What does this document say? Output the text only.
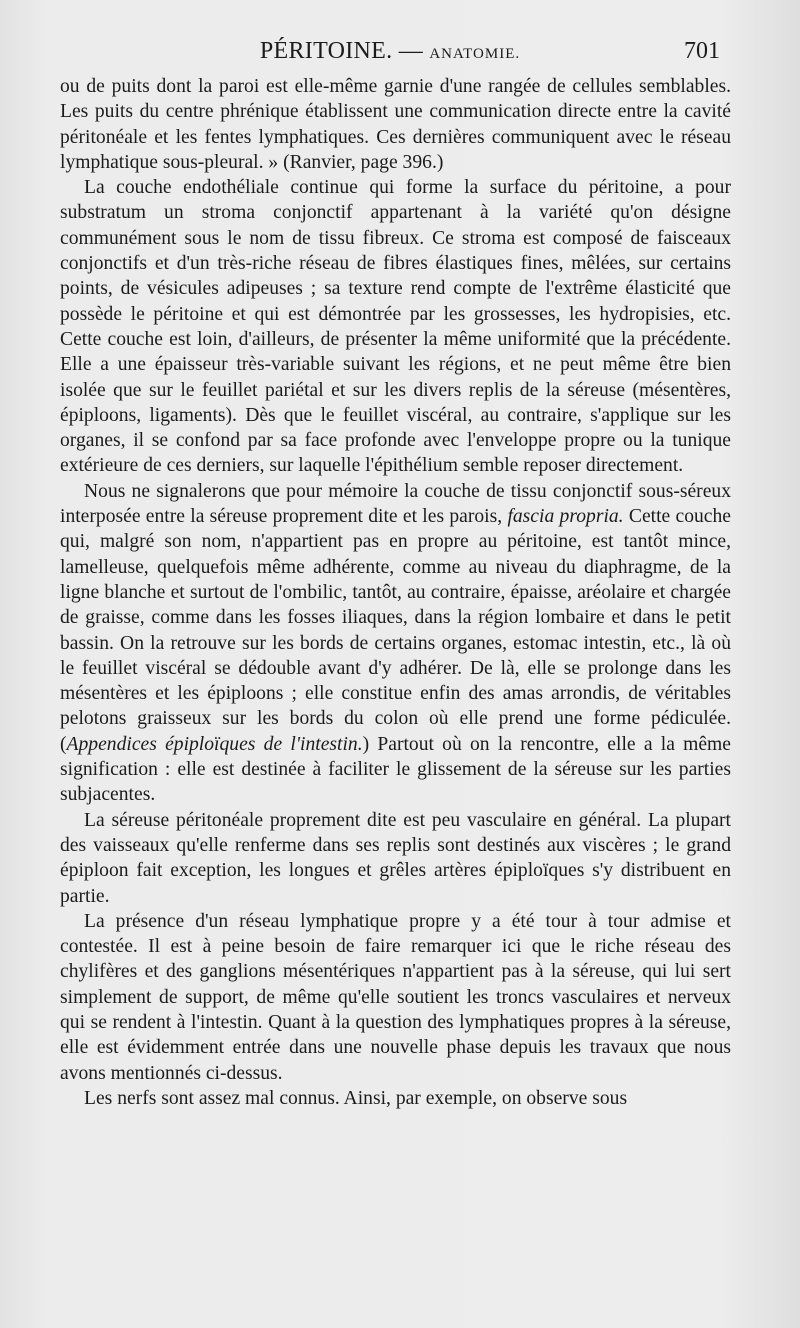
PÉRITOINE. — ANATOMIE.	701

ou de puits dont la paroi est elle-même garnie d'une rangée de cellules semblables. Les puits du centre phrénique établissent une communication directe entre la cavité péritonéale et les fentes lymphatiques. Ces dernières communiquent avec le réseau lymphatique sous-pleural. » (Ranvier, page 396.)

La couche endothéliale continue qui forme la surface du péritoine, a pour substratum un stroma conjonctif appartenant à la variété qu'on désigne communément sous le nom de tissu fibreux. Ce stroma est composé de faisceaux conjonctifs et d'un très-riche réseau de fibres élastiques fines, mêlées, sur certains points, de vésicules adipeuses ; sa texture rend compte de l'extrême élasticité que possède le péritoine et qui est démontrée par les grossesses, les hydropisies, etc. Cette couche est loin, d'ailleurs, de présenter la même uniformité que la précédente. Elle a une épaisseur très-variable suivant les régions, et ne peut même être bien isolée que sur le feuillet pariétal et sur les divers replis de la séreuse (mésentères, épiploons, ligaments). Dès que le feuillet viscéral, au contraire, s'applique sur les organes, il se confond par sa face profonde avec l'enveloppe propre ou la tunique extérieure de ces derniers, sur laquelle l'épithélium semble reposer directement.

Nous ne signalerons que pour mémoire la couche de tissu conjonctif sous-séreux interposée entre la séreuse proprement dite et les parois, fascia propria. Cette couche qui, malgré son nom, n'appartient pas en propre au péritoine, est tantôt mince, lamelleuse, quelquefois même adhérente, comme au niveau du diaphragme, de la ligne blanche et surtout de l'ombilic, tantôt, au contraire, épaisse, aréolaire et chargée de graisse, comme dans les fosses iliaques, dans la région lombaire et dans le petit bassin. On la retrouve sur les bords de certains organes, estomac intestin, etc., là où le feuillet viscéral se dédouble avant d'y adhérer. De là, elle se prolonge dans les mésentères et les épiploons ; elle constitue enfin des amas arrondis, de véritables pelotons graisseux sur les bords du colon où elle prend une forme pédiculée. (Appendices épiploïques de l'intestin.) Partout où on la rencontre, elle a la même signification : elle est destinée à faciliter le glissement de la séreuse sur les parties subjacentes.

La séreuse péritonéale proprement dite est peu vasculaire en général. La plupart des vaisseaux qu'elle renferme dans ses replis sont destinés aux viscères ; le grand épiploon fait exception, les longues et grêles artères épiploïques s'y distribuent en partie.

La présence d'un réseau lymphatique propre y a été tour à tour admise et contestée. Il est à peine besoin de faire remarquer ici que le riche réseau des chylifères et des ganglions mésentériques n'appartient pas à la séreuse, qui lui sert simplement de support, de même qu'elle soutient les troncs vasculaires et nerveux qui se rendent à l'intestin. Quant à la question des lymphatiques propres à la séreuse, elle est évidemment entrée dans une nouvelle phase depuis les travaux que nous avons mentionnés ci-dessus.

Les nerfs sont assez mal connus. Ainsi, par exemple, on observe sous
